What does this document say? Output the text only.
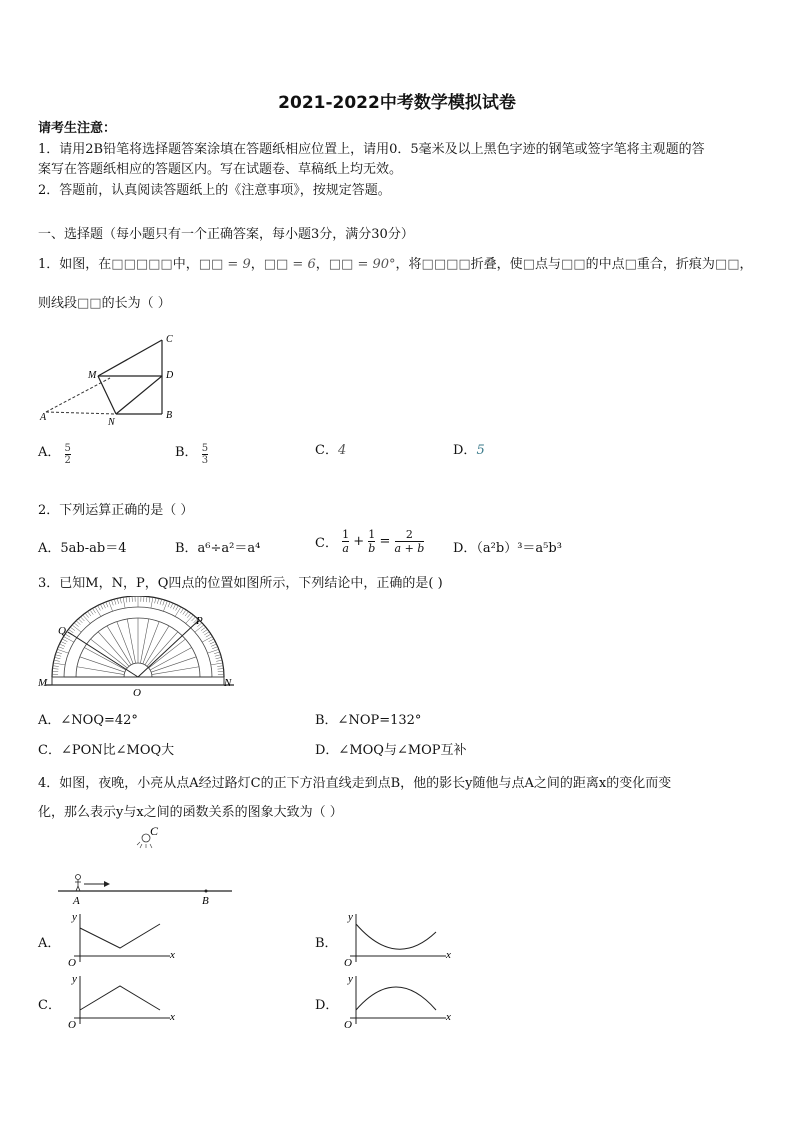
2021-2022中考数学模拟试卷
请考生注意：
1．请用2B铅笔将选择题答案涂填在答题纸相应位置上，请用0．5毫米及以上黑色字迹的钢笔或签字笔将主观题的答
案写在答题纸相应的答题区内。写在试题卷、草稿纸上均无效。
2．答题前，认真阅读答题纸上的《注意事项》，按规定答题。
一、选择题（每小题只有一个正确答案，每小题3分，满分30分）
1．如图，在□□□□□中，□□ = 9，□□ = 6，□□ = 90°，将□□□□折叠，使□点与□□的中点□重合，折痕为□□，
则线段□□的长为（ ）
C
M	D
A	N
B
A． $\frac{5}{2}$	B． $\frac{5}{3}$	C．4	D．5
2．下列运算正确的是（ ）
A．5ab-ab＝4	B．a⁶÷a²＝a⁴	C． $\frac{1}{a} + \frac{1}{b} = \frac{2}{a + b}$ D．（a²b）³＝a⁵b³
3．已知M，N，P，Q四点的位置如图所示，下列结论中，正确的是( )
M	N
O
P
Q
A．∠NOQ=42°	B．∠NOP=132°
C．∠PON比∠MOQ大	D．∠MOQ与∠MOP互补
4．如图，夜晚，小亮从点A经过路灯C的正下方沿直线走到点B，他的影长y随他与点A之间的距离x的变化而变
化，那么表示y与x之间的函数关系的图象大致为（ ）
C
A	B
A．
y
x
O
B．
y
x
O
C．
y
x
O
D．
y
x
O
